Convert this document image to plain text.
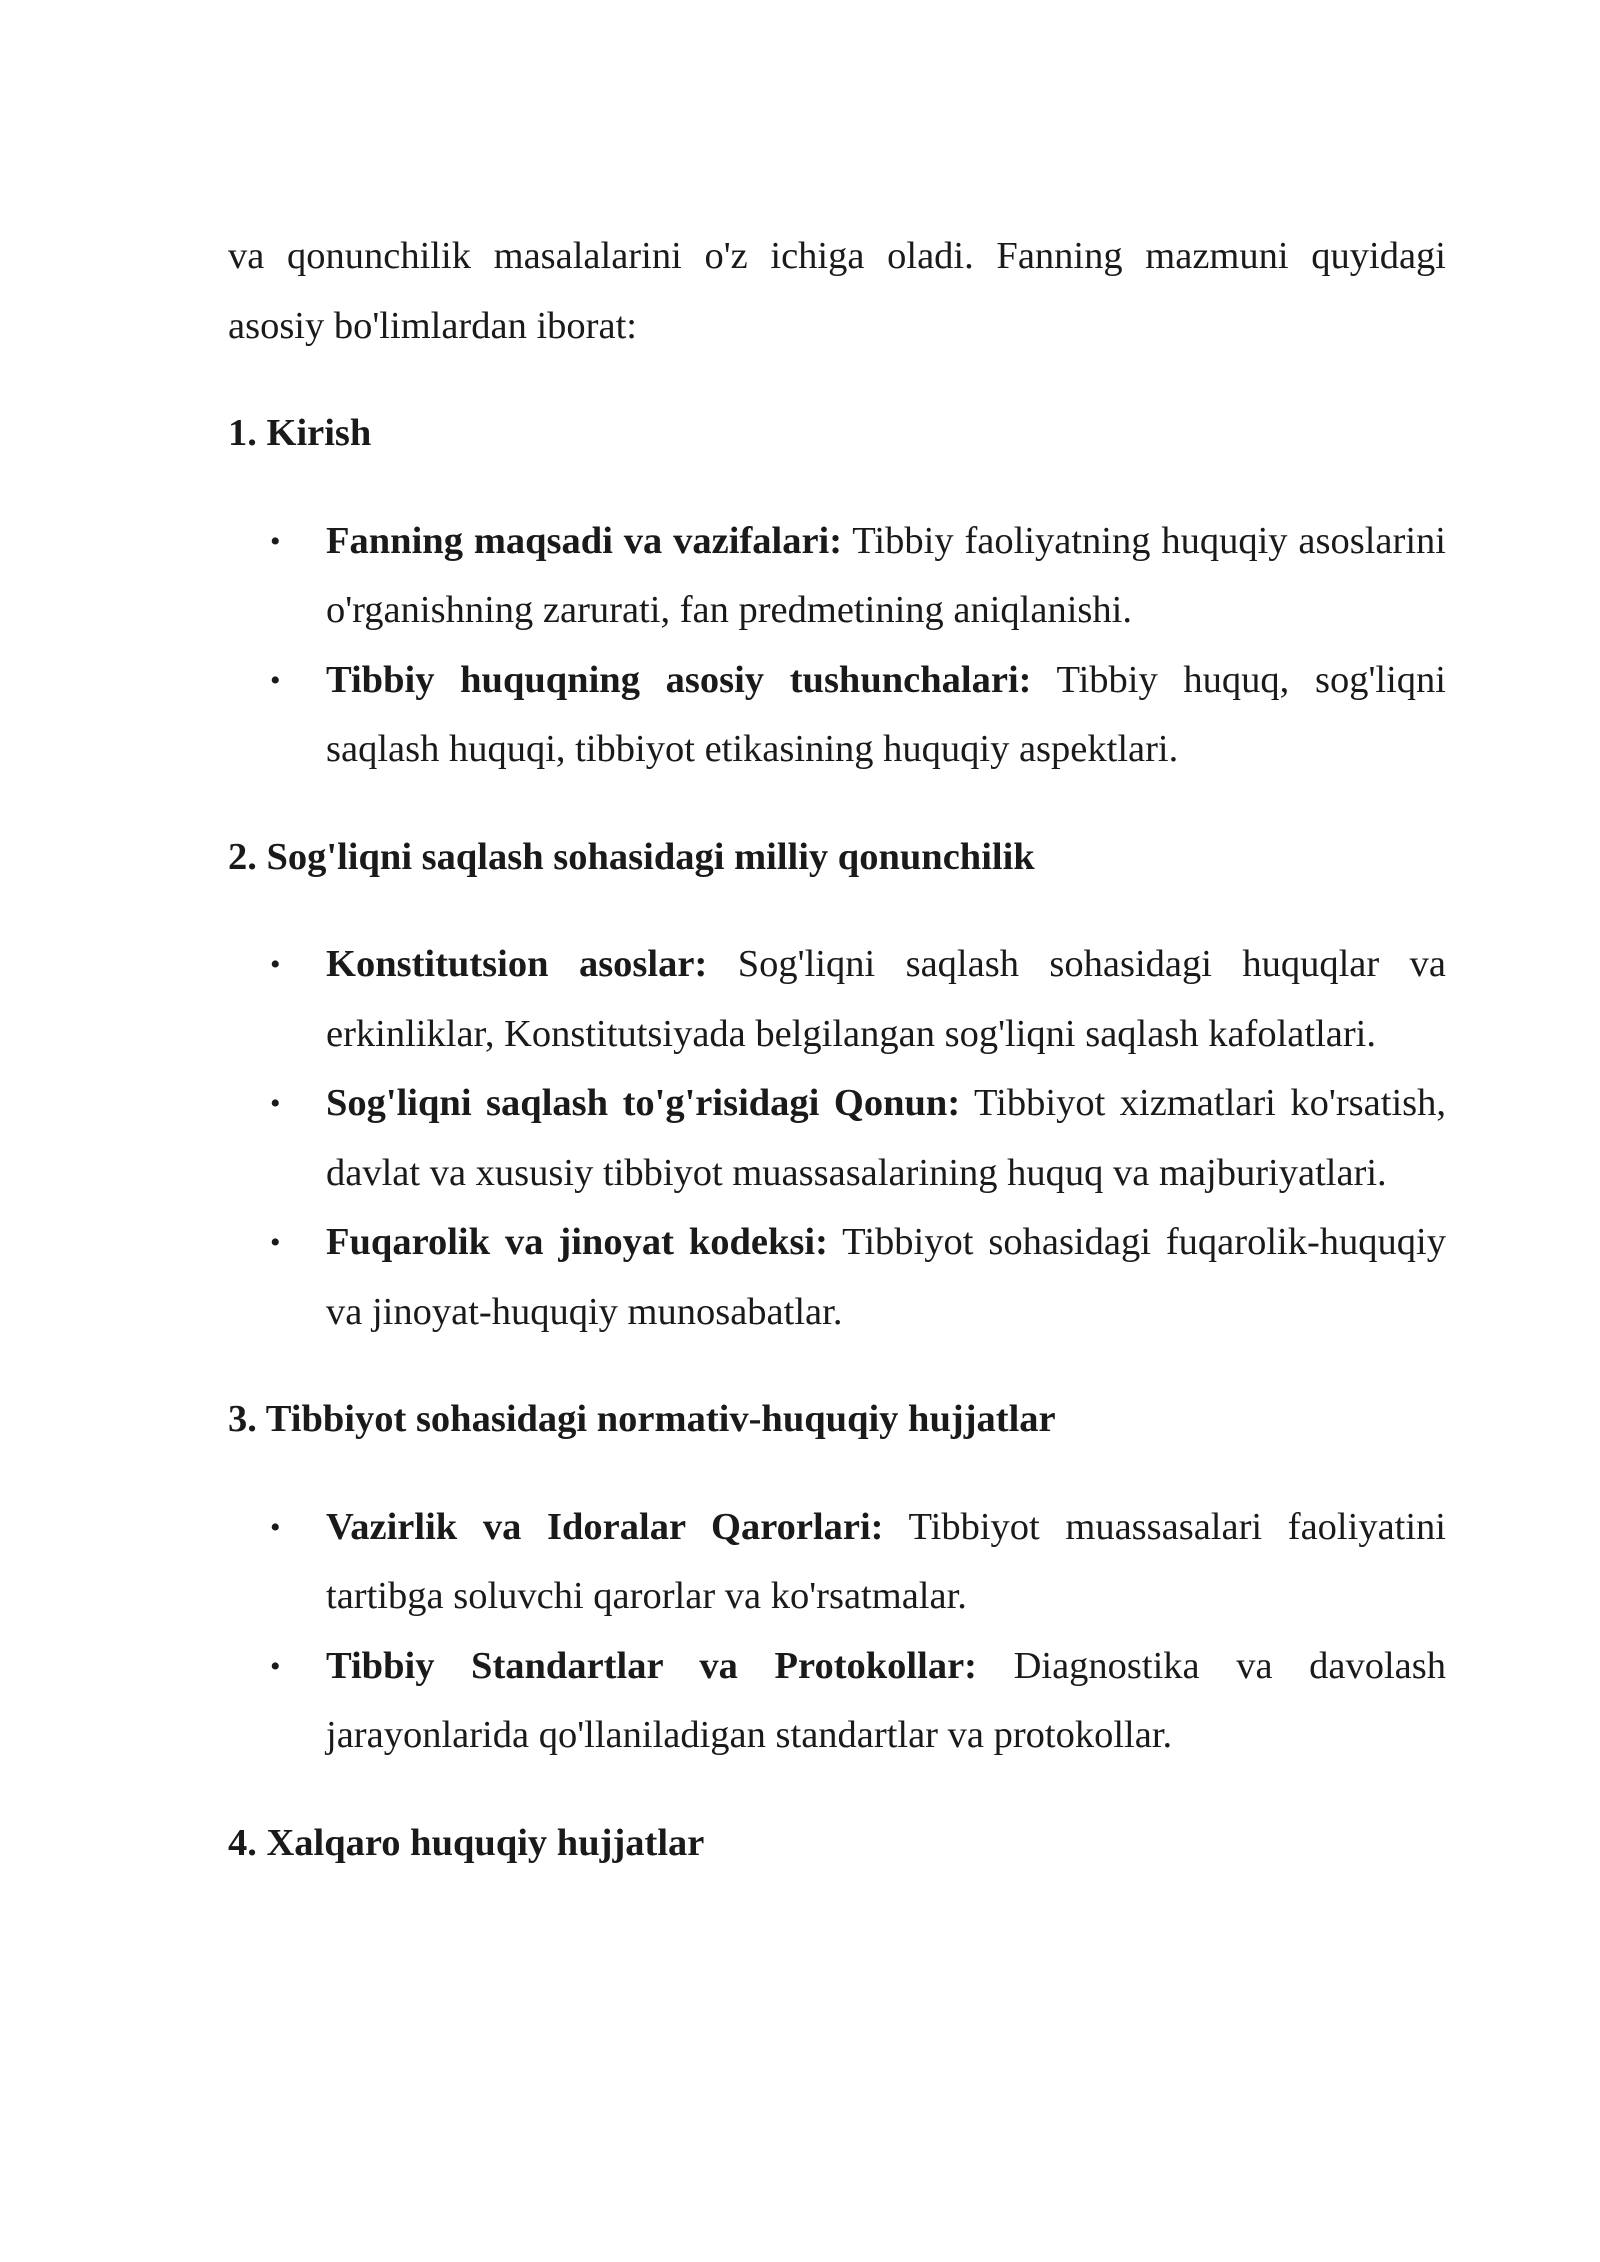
va qonunchilik masalalarini o'z ichiga oladi. Fanning mazmuni quyidagi asosiy bo'limlardan iborat:

1. Kirish

• Fanning maqsadi va vazifalari: Tibbiy faoliyatning huquqiy asoslarini o'rganishning zarurati, fan predmetining aniqlanishi.
• Tibbiy huquqning asosiy tushunchalari: Tibbiy huquq, sog'liqni saqlash huquqi, tibbiyot etikasining huquqiy aspektlari.

2. Sog'liqni saqlash sohasidagi milliy qonunchilik

• Konstitutsion asoslar: Sog'liqni saqlash sohasidagi huquqlar va erkinliklar, Konstitutsiyada belgilangan sog'liqni saqlash kafolatlari.
• Sog'liqni saqlash to'g'risidagi Qonun: Tibbiyot xizmatlari ko'rsatish, davlat va xususiy tibbiyot muassasalarining huquq va majburiyatlari.
• Fuqarolik va jinoyat kodeksi: Tibbiyot sohasidagi fuqarolik-huquqiy va jinoyat-huquqiy munosabatlar.

3. Tibbiyot sohasidagi normativ-huquqiy hujjatlar

• Vazirlik va Idoralar Qarorlari: Tibbiyot muassasalari faoliyatini tartibga soluvchi qarorlar va ko'rsatmalar.
• Tibbiy Standartlar va Protokollar: Diagnostika va davolash jarayonlarida qo'llaniladigan standartlar va protokollar.

4. Xalqaro huquqiy hujjatlar
